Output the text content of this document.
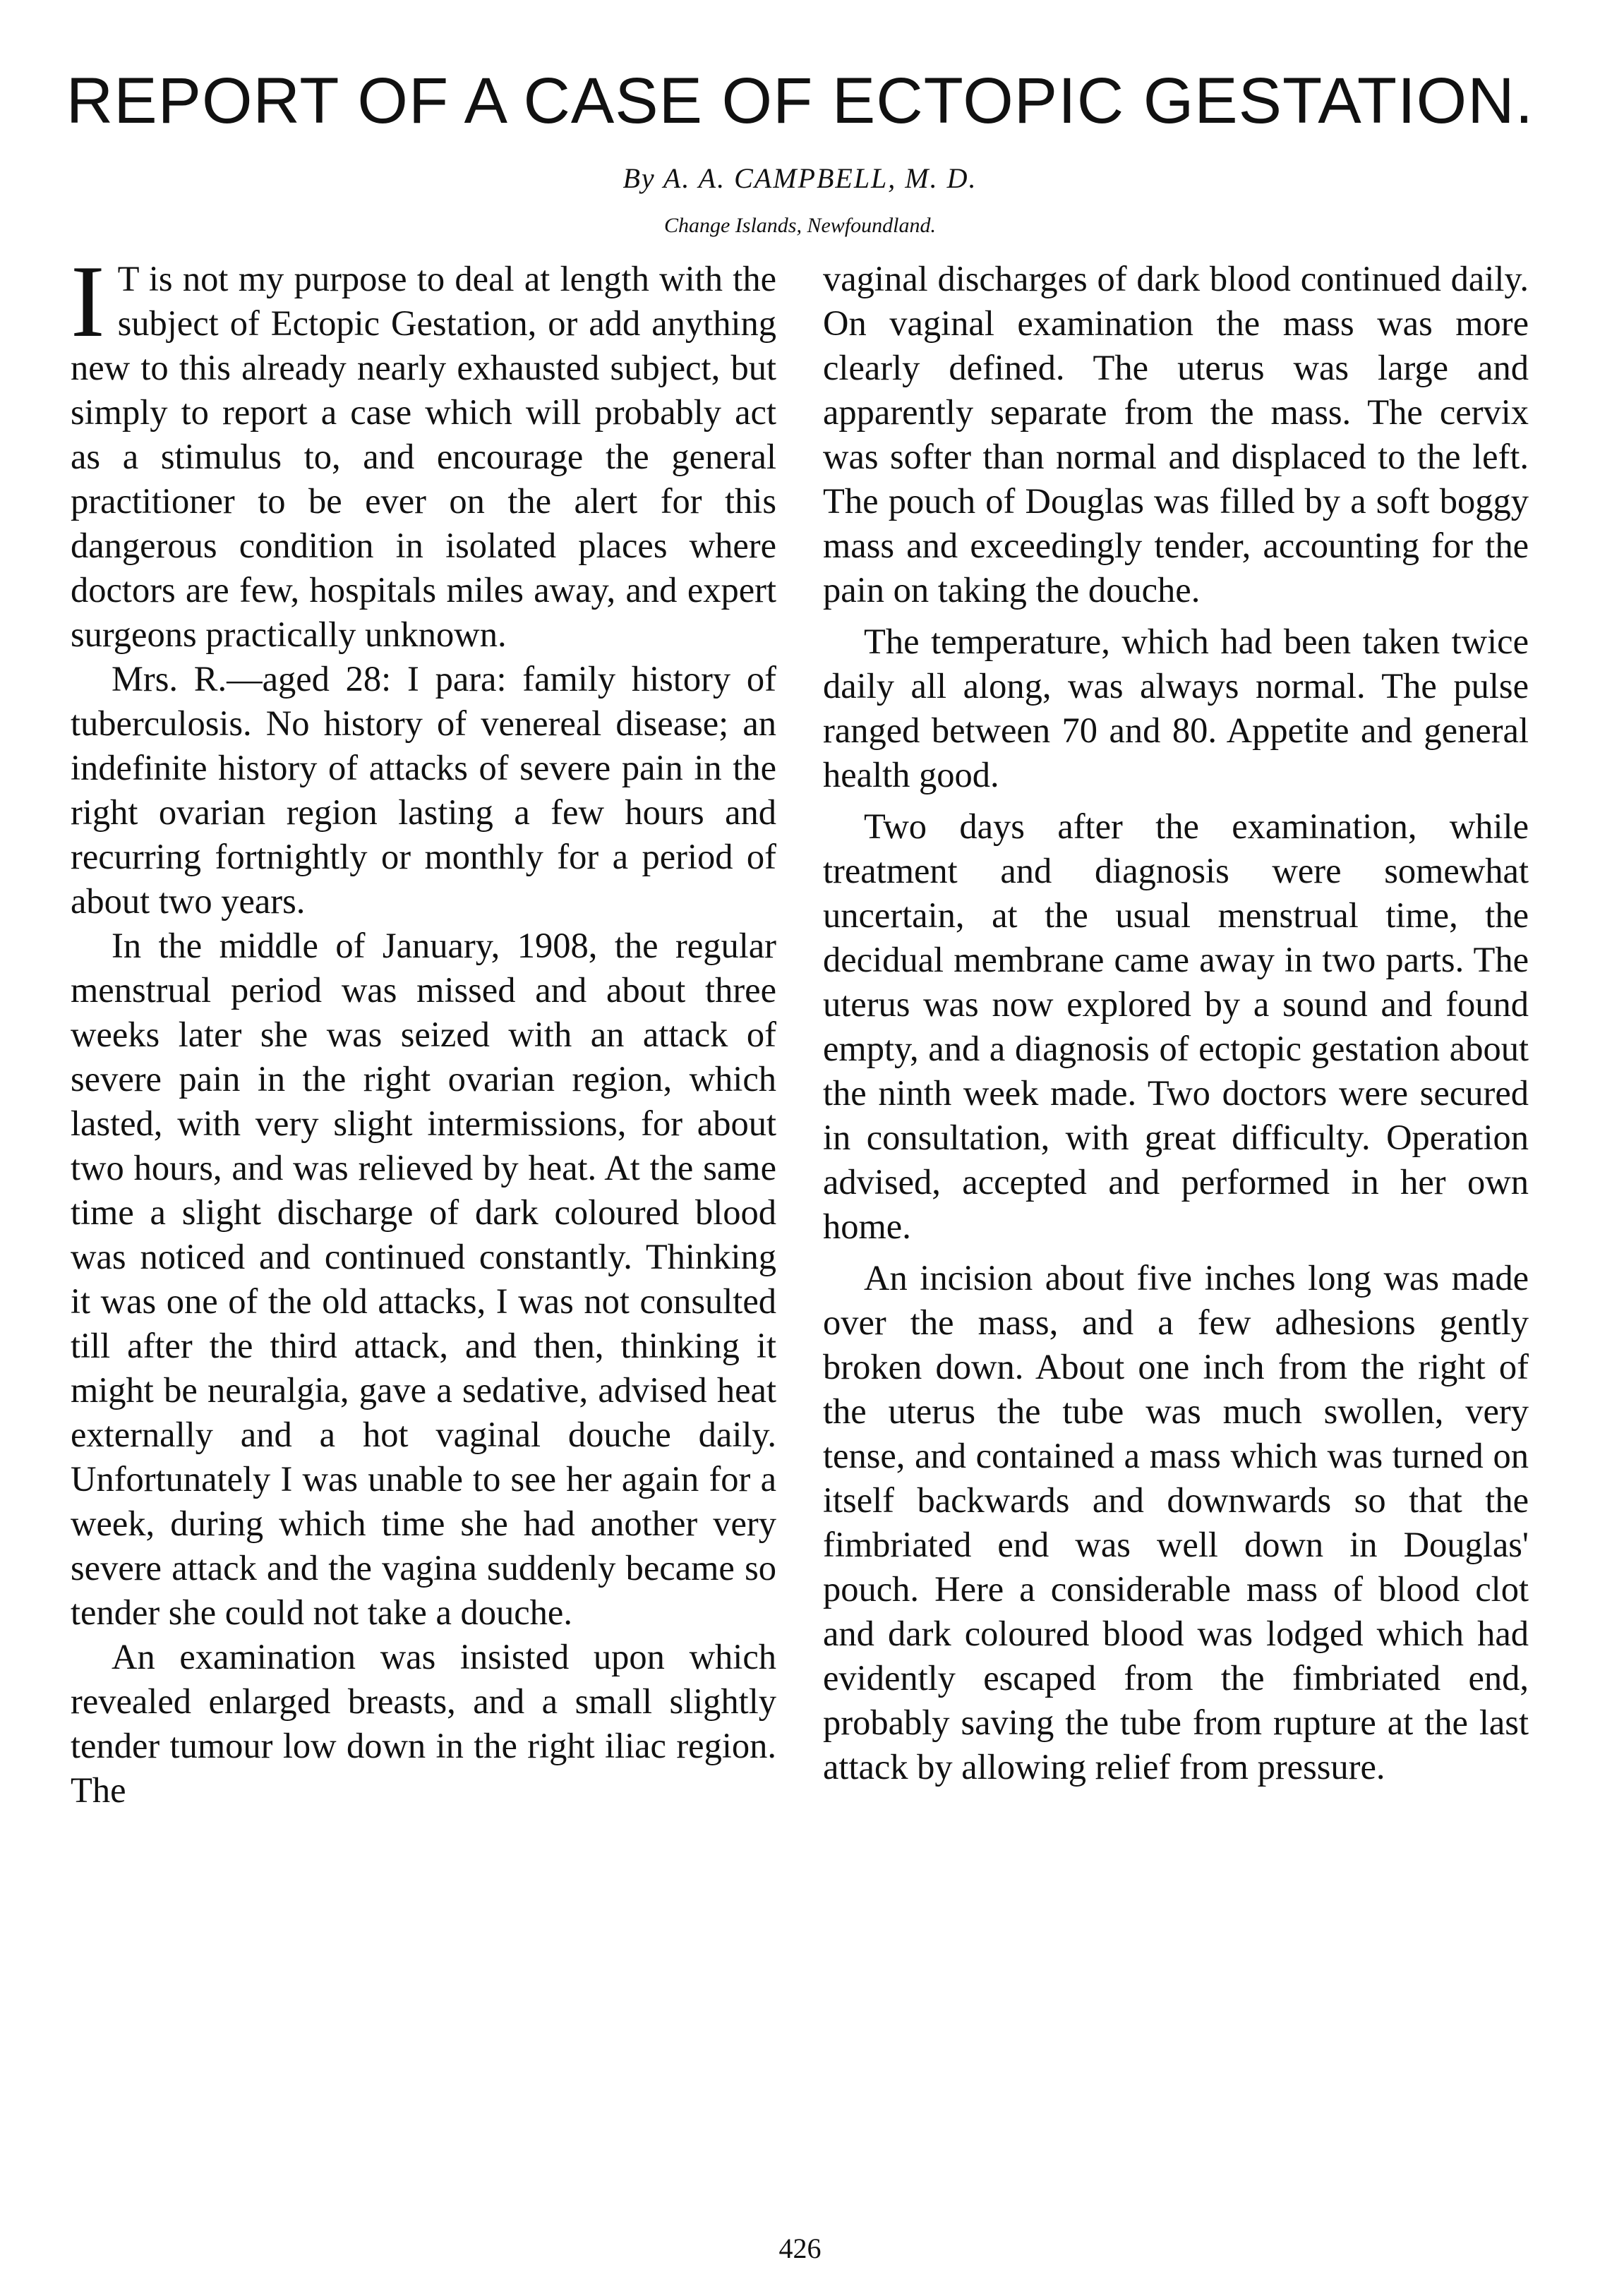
REPORT OF A CASE OF ECTOPIC GESTATION.
By A. A. CAMPBELL, M. D.
Change Islands, Newfoundland.

I T is not my purpose to deal at length with the subject of Ectopic Gestation, or add anything new to this already nearly exhausted subject, but simply to report a case which will probably act as a stimulus to, and encourage the general practitioner to be ever on the alert for this dangerous condition in isolated places where doctors are few, hospitals miles away, and expert surgeons practically unknown.

Mrs. R.—aged 28: I para: family history of tuberculosis. No history of venereal disease; an indefinite history of attacks of severe pain in the right ovarian region lasting a few hours and recurring fortnightly or monthly for a period of about two years.

In the middle of January, 1908, the regular menstrual period was missed and about three weeks later she was seized with an attack of severe pain in the right ovarian region, which lasted, with very slight intermissions, for about two hours, and was relieved by heat. At the same time a slight discharge of dark coloured blood was noticed and continued constantly. Thinking it was one of the old attacks, I was not consulted till after the third attack, and then, thinking it might be neuralgia, gave a sedative, advised heat externally and a hot vaginal douche daily. Unfortunately I was unable to see her again for a week, during which time she had another very severe attack and the vagina suddenly became so tender she could not take a douche.

An examination was insisted upon which revealed enlarged breasts, and a small slightly tender tumour low down in the right iliac region. The

vaginal discharges of dark blood continued daily. On vaginal examination the mass was more clearly defined. The uterus was large and apparently separate from the mass. The cervix was softer than normal and displaced to the left. The pouch of Douglas was filled by a soft boggy mass and exceedingly tender, accounting for the pain on taking the douche.

The temperature, which had been taken twice daily all along, was always normal. The pulse ranged between 70 and 80. Appetite and general health good.

Two days after the examination, while treatment and diagnosis were somewhat uncertain, at the usual menstrual time, the decidual membrane came away in two parts. The uterus was now explored by a sound and found empty, and a diagnosis of ectopic gestation about the ninth week made. Two doctors were secured in consultation, with great difficulty. Operation advised, accepted and performed in her own home.

An incision about five inches long was made over the mass, and a few adhesions gently broken down. About one inch from the right of the uterus the tube was much swollen, very tense, and contained a mass which was turned on itself backwards and downwards so that the fimbriated end was well down in Douglas' pouch. Here a considerable mass of blood clot and dark coloured blood was lodged which had evidently escaped from the fimbriated end, probably saving the tube from rupture at the last attack by allowing relief from pressure.

426
